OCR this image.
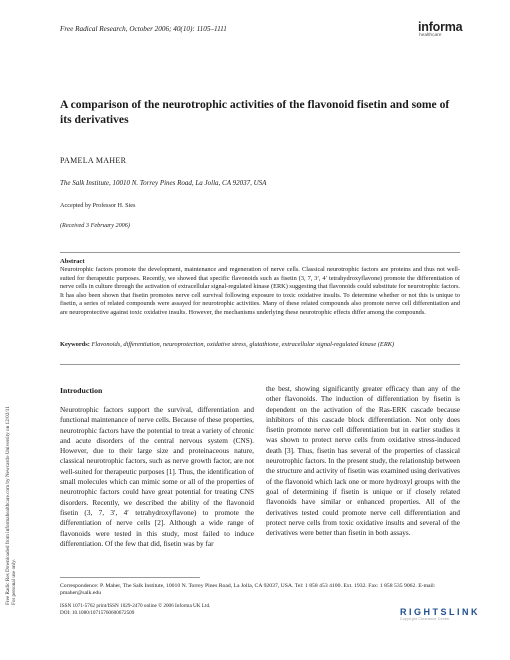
Free Radical Research, October 2006; 40(10): 1105–1111	informa
healthcare
Free Radic Res Downloaded from informahealthcare.com by Newcastle University on 12/02/11
For personal use only.
A comparison of the neurotrophic activities of the flavonoid fisetin and some of its derivatives
PAMELA MAHER
The Salk Institute, 10010 N. Torrey Pines Road, La Jolla, CA 92037, USA
Accepted by Professor H. Sies
(Received 3 February 2006)
Abstract
Neurotrophic factors promote the development, maintenance and regeneration of nerve cells. Classical neurotrophic factors are proteins and thus not well-suited for therapeutic purposes. Recently, we showed that specific flavonoids such as fisetin (3, 7, 3′, 4′ tetrahydroxyflavone) promote the differentiation of nerve cells in culture through the activation of extracellular signal-regulated kinase (ERK) suggesting that flavonoids could substitute for neurotrophic factors. It has also been shown that fisetin promotes nerve cell survival following exposure to toxic oxidative insults. To determine whether or not this is unique to fisetin, a series of related compounds were assayed for neurotrophic activities. Many of these related compounds also promote nerve cell differentiation and are neuroprotective against toxic oxidative insults. However, the mechanisms underlying these neurotrophic effects differ among the compounds.
Keywords: Flavonoids, differentiation, neuroprotection, oxidative stress, glutathione, extracellular signal-regulated kinase (ERK)
Introduction
Neurotrophic factors support the survival, differentiation and functional maintenance of nerve cells. Because of these properties, neurotrophic factors have the potential to treat a variety of chronic and acute disorders of the central nervous system (CNS). However, due to their large size and proteinaceous nature, classical neurotrophic factors, such as nerve growth factor, are not well-suited for therapeutic purposes [1]. Thus, the identification of small molecules which can mimic some or all of the properties of neurotrophic factors could have great potential for treating CNS disorders. Recently, we described the ability of the flavonoid fisetin (3, 7, 3′, 4′ tetrahydroxyflavone) to promote the differentiation of nerve cells [2]. Although a wide range of flavonoids were tested in this study, most failed to induce differentiation. Of the few that did, fisetin was by far
the best, showing significantly greater efficacy than any of the other flavonoids. The induction of differentiation by fisetin is dependent on the activation of the Ras-ERK cascade because inhibitors of this cascade block differentiation. Not only does fisetin promote nerve cell differentiation but in earlier studies it was shown to protect nerve cells from oxidative stress-induced death [3]. Thus, fisetin has several of the properties of classical neurotrophic factors. In the present study, the relationship between the structure and activity of fisetin was examined using derivatives of the flavonoid which lack one or more hydroxyl groups with the goal of determining if fisetin is unique or if closely related flavonoids have similar or enhanced properties. All of the derivatives tested could promote nerve cell differentiation and protect nerve cells from toxic oxidative insults and several of the derivatives were better than fisetin in both assays.
Correspondence: P. Maher, The Salk Institute, 10010 N. Torrey Pines Road, La Jolla, CA 92037, USA. Tel: 1 858 453 4100. Ext. 1932. Fax: 1 858 535 9062. E-mail: pmaher@salk.edu
ISSN 1071-5762 print/ISSN 1029-2470 online © 2006 Informa UK Ltd.
DOI: 10.1080/10715760600672509	RIGHTSLINK
Copyright Clearance Center
